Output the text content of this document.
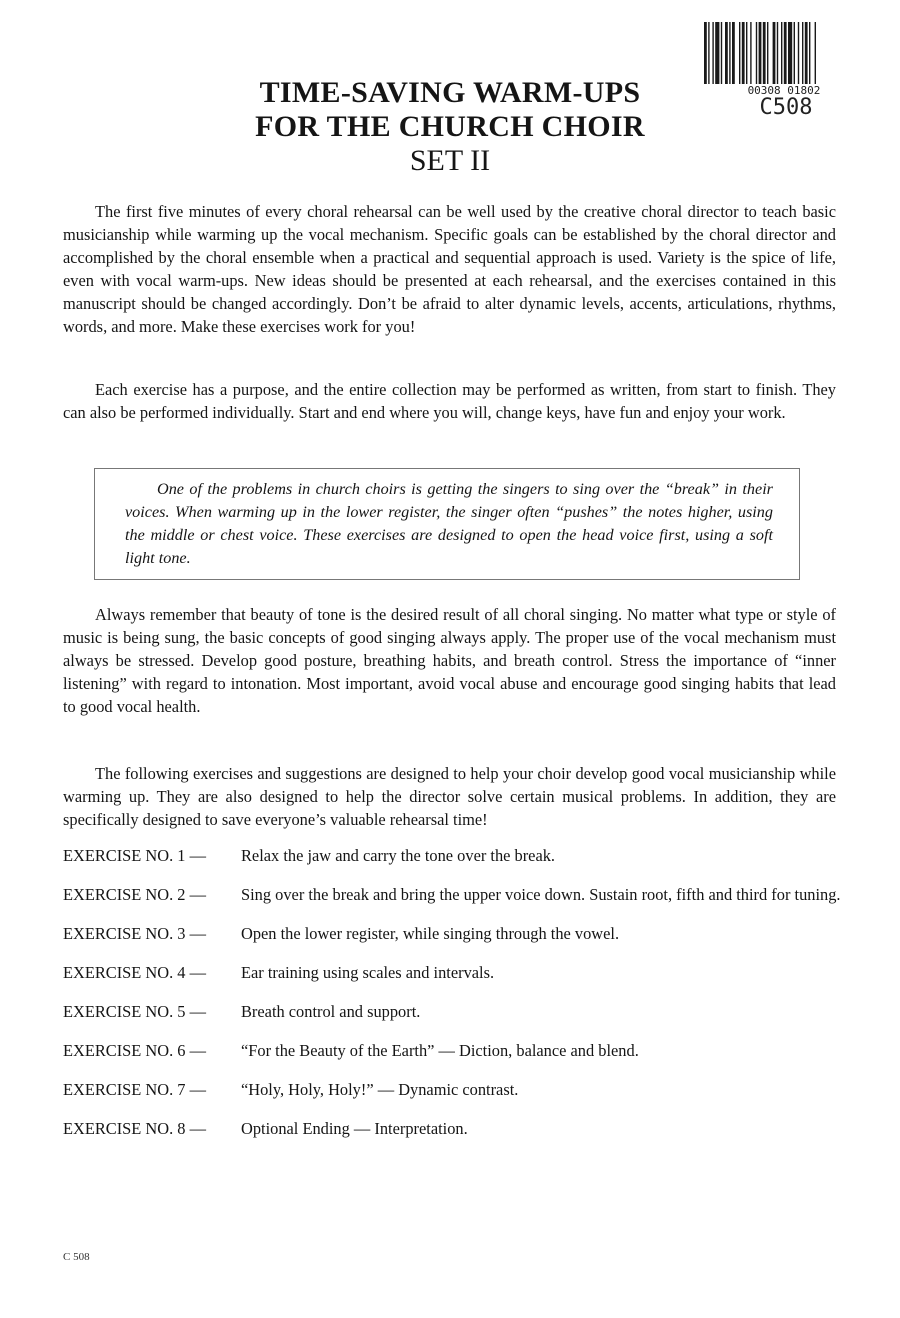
00308 01802
C508
TIME-SAVING WARM-UPS
FOR THE CHURCH CHOIR
SET II

The first five minutes of every choral rehearsal can be well used by the creative choral director to teach basic musicianship while warming up the vocal mechanism. Specific goals can be established by the choral director and accomplished by the choral ensemble when a practical and sequential approach is used. Variety is the spice of life, even with vocal warm-ups. New ideas should be presented at each rehearsal, and the exercises contained in this manuscript should be changed accordingly. Don’t be afraid to alter dynamic levels, accents, articulations, rhythms, words, and more. Make these exercises work for you!

Each exercise has a purpose, and the entire collection may be performed as written, from start to finish. They can also be performed individually. Start and end where you will, change keys, have fun and enjoy your work.

One of the problems in church choirs is getting the singers to sing over the “break” in their voices. When warming up in the lower register, the singer often “pushes” the notes higher, using the middle or chest voice. These exercises are designed to open the head voice first, using a soft light tone.

Always remember that beauty of tone is the desired result of all choral singing. No matter what type or style of music is being sung, the basic concepts of good singing always apply. The proper use of the vocal mechanism must always be stressed. Develop good posture, breathing habits, and breath control. Stress the importance of “inner listening” with regard to intonation. Most important, avoid vocal abuse and encourage good singing habits that lead to good vocal health.

The following exercises and suggestions are designed to help your choir develop good vocal musicianship while warming up. They are also designed to help the director solve certain musical problems. In addition, they are specifically designed to save everyone’s valuable rehearsal time!

EXERCISE NO. 1 — Relax the jaw and carry the tone over the break.
EXERCISE NO. 2 — Sing over the break and bring the upper voice down. Sustain root, fifth and third for tuning.
EXERCISE NO. 3 — Open the lower register, while singing through the vowel.
EXERCISE NO. 4 — Ear training using scales and intervals.
EXERCISE NO. 5 — Breath control and support.
EXERCISE NO. 6 — “For the Beauty of the Earth” — Diction, balance and blend.
EXERCISE NO. 7 — “Holy, Holy, Holy!” — Dynamic contrast.
EXERCISE NO. 8 — Optional Ending — Interpretation.
C 508
